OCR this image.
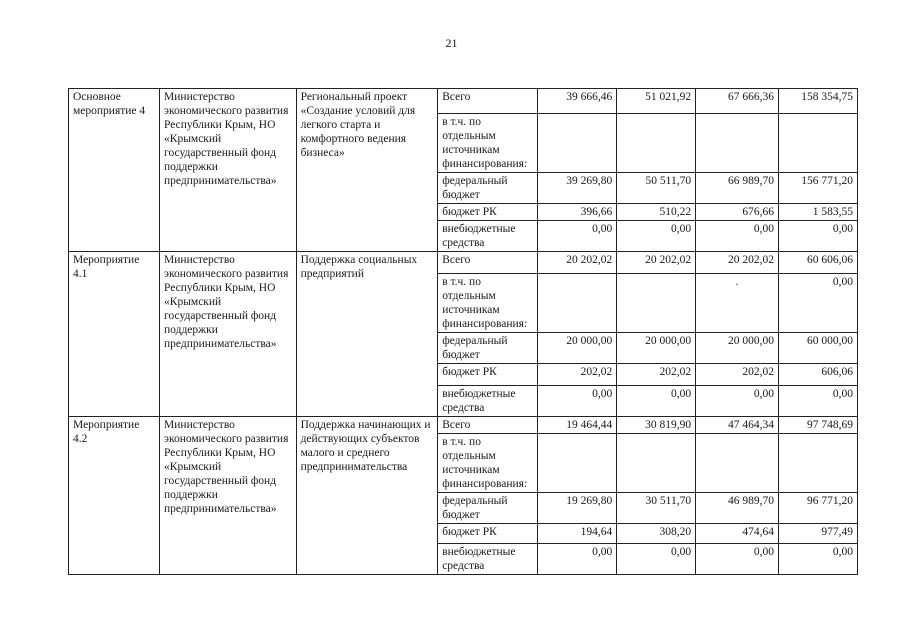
21
Основное мероприятие 4	Министерство экономического развития Республики Крым, НО «Крымский государственный фонд поддержки предпринимательства»	Региональный проект «Создание условий для легкого старта и комфортного ведения бизнеса»	Всего	39 666,46	51 021,92	67 666,36	158 354,75
			в т.ч. по отдельным источникам финансирования:				
			федеральный бюджет	39 269,80	50 511,70	66 989,70	156 771,20
			бюджет РК	396,66	510,22	676,66	1 583,55
			внебюджетные средства	0,00	0,00	0,00	0,00
Мероприятие 4.1	Министерство экономического развития Республики Крым, НО «Крымский государственный фонд поддержки предпринимательства»	Поддержка социальных предприятий	Всего	20 202,02	20 202,02	20 202,02	60 606,06
			в т.ч. по отдельным источникам финансирования:			.	0,00
			федеральный бюджет	20 000,00	20 000,00	20 000,00	60 000,00
			бюджет РК	202,02	202,02	202,02	606,06
			внебюджетные средства	0,00	0,00	0,00	0,00
Мероприятие 4.2	Министерство экономического развития Республики Крым, НО «Крымский государственный фонд поддержки предпринимательства»	Поддержка начинающих и действующих субъектов малого и среднего предпринимательства	Всего	19 464,44	30 819,90	47 464,34	97 748,69
			в т.ч. по отдельным источникам финансирования:				
			федеральный бюджет	19 269,80	30 511,70	46 989,70	96 771,20
			бюджет РК	194,64	308,20	474,64	977,49
			внебюджетные средства	0,00	0,00	0,00	0,00
